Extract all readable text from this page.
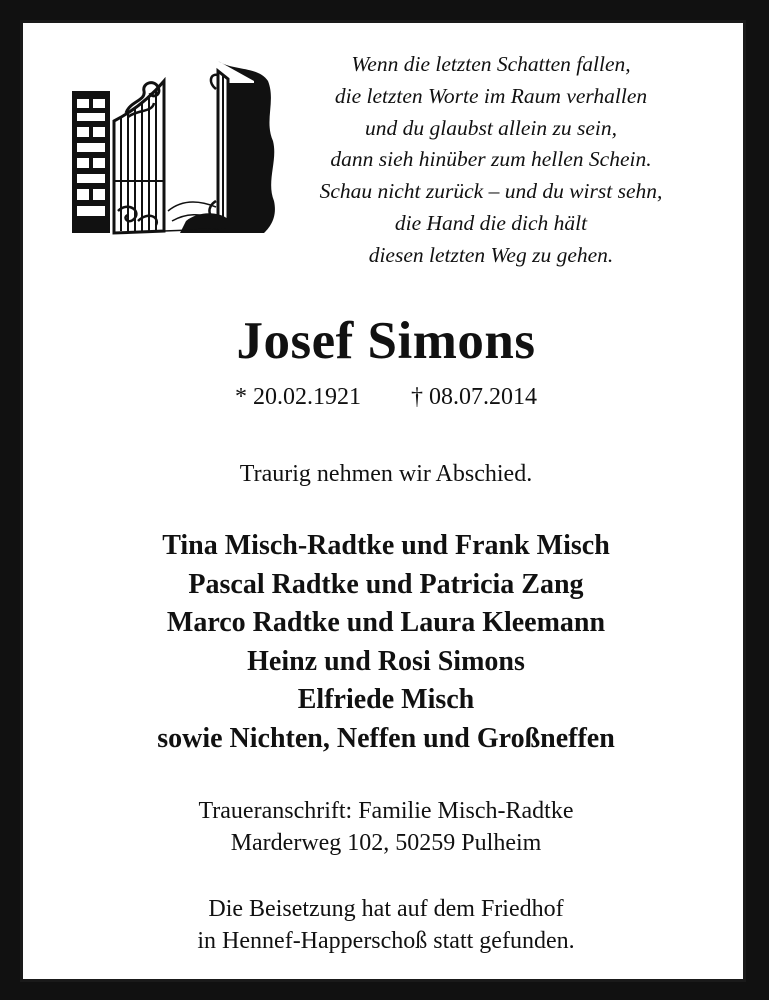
Wenn die letzten Schatten fallen,
die letzten Worte im Raum verhallen
und du glaubst allein zu sein,
dann sieh hinüber zum hellen Schein.
Schau nicht zurück – und du wirst sehn,
die Hand die dich hält
diesen letzten Weg zu gehen.
Josef Simons
* 20.02.1921 † 08.07.2014
Traurig nehmen wir Abschied.
Tina Misch-Radtke und Frank Misch
Pascal Radtke und Patricia Zang
Marco Radtke und Laura Kleemann
Heinz und Rosi Simons
Elfriede Misch
sowie Nichten, Neffen und Großneffen
Traueranschrift: Familie Misch-Radtke
Marderweg 102, 50259 Pulheim
Die Beisetzung hat auf dem Friedhof
in Hennef-Happerschoß statt gefunden.
